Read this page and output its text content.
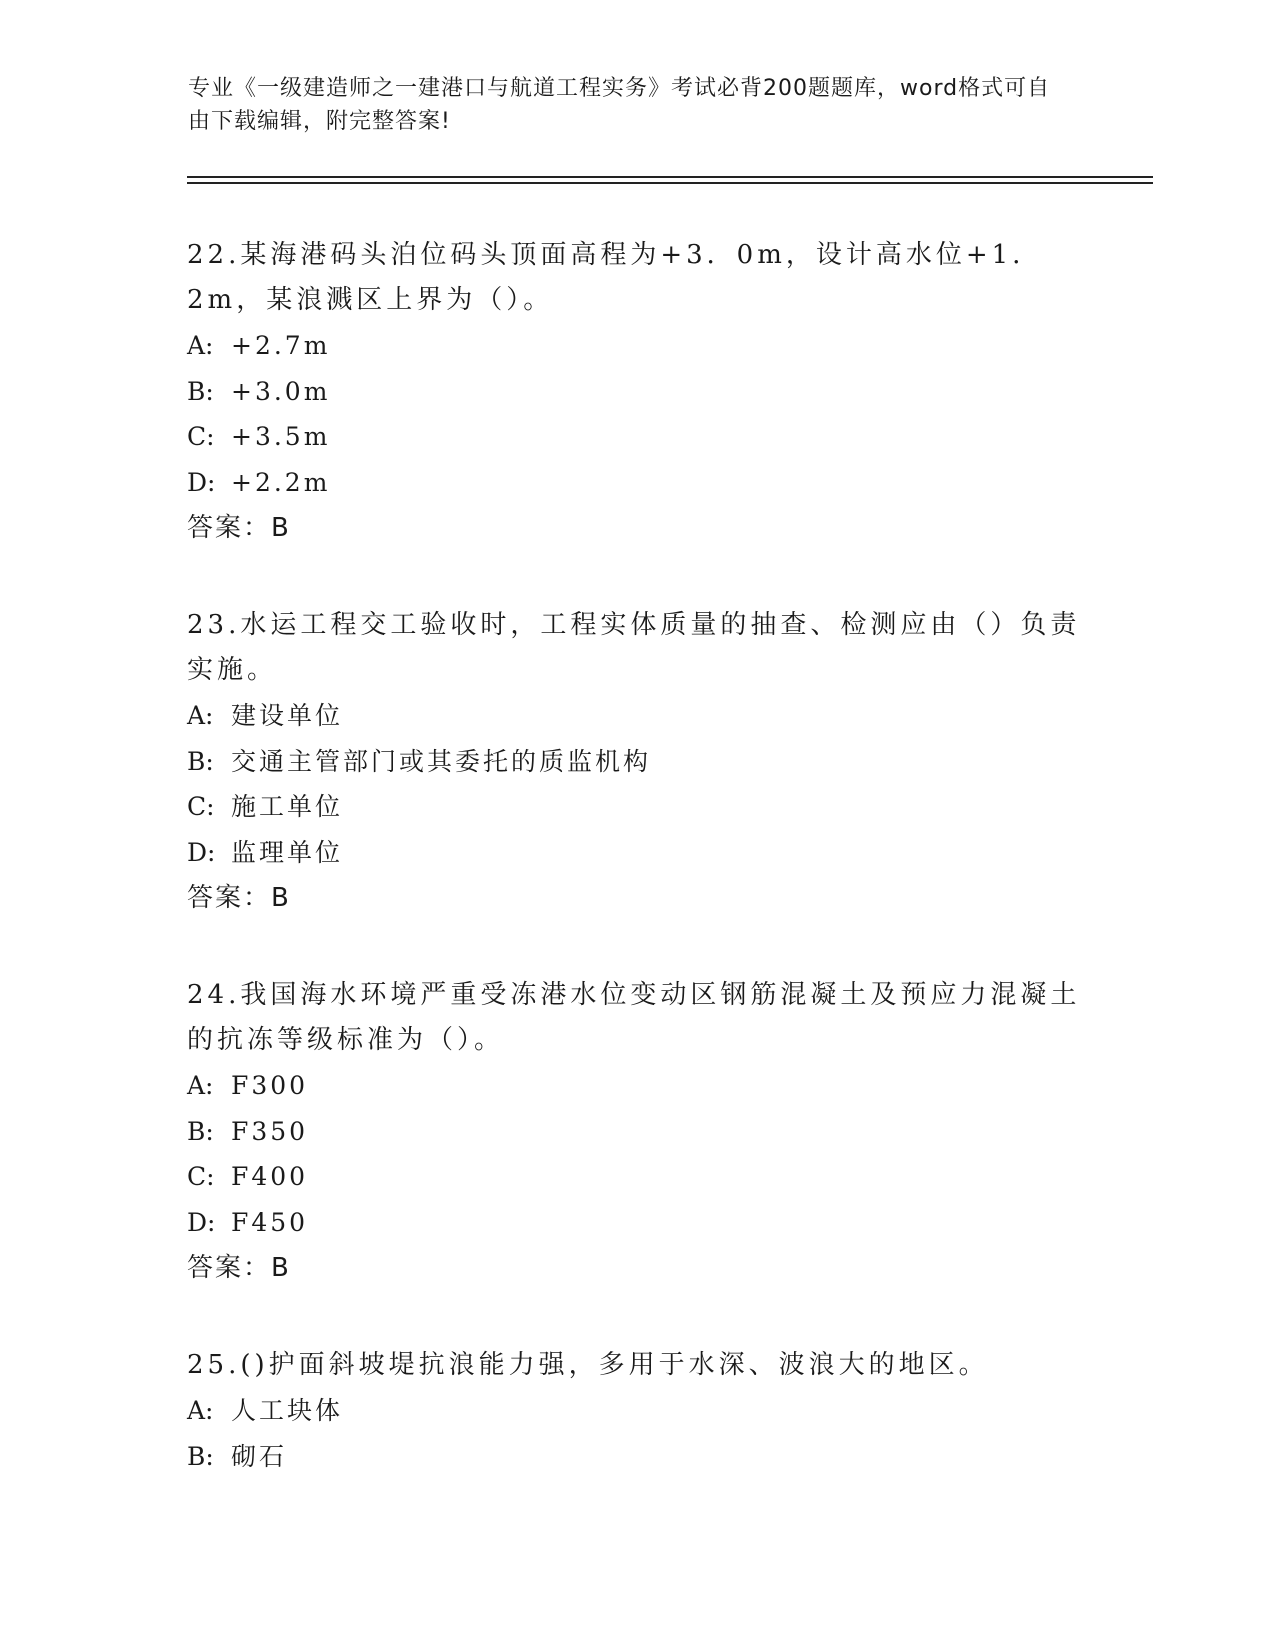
专业《一级建造师之一建港口与航道工程实务》考试必背200题题库，word格式可自由下载编辑，附完整答案!

22.某海港码头泊位码头顶面高程为+3．0m，设计高水位+1．2m，某浪溅区上界为（）。

A: +2.7m

B: +3.0m

C: +3.5m

D: +2.2m

答案：B

23.水运工程交工验收时，工程实体质量的抽查、检测应由（）负责实施。

A: 建设单位

B: 交通主管部门或其委托的质监机构

C: 施工单位

D: 监理单位

答案：B

24.我国海水环境严重受冻港水位变动区钢筋混凝土及预应力混凝土的抗冻等级标准为（）。

A: F300

B: F350

C: F400

D: F450

答案：B

25.()护面斜坡堤抗浪能力强，多用于水深、波浪大的地区。

A: 人工块体

B: 砌石
